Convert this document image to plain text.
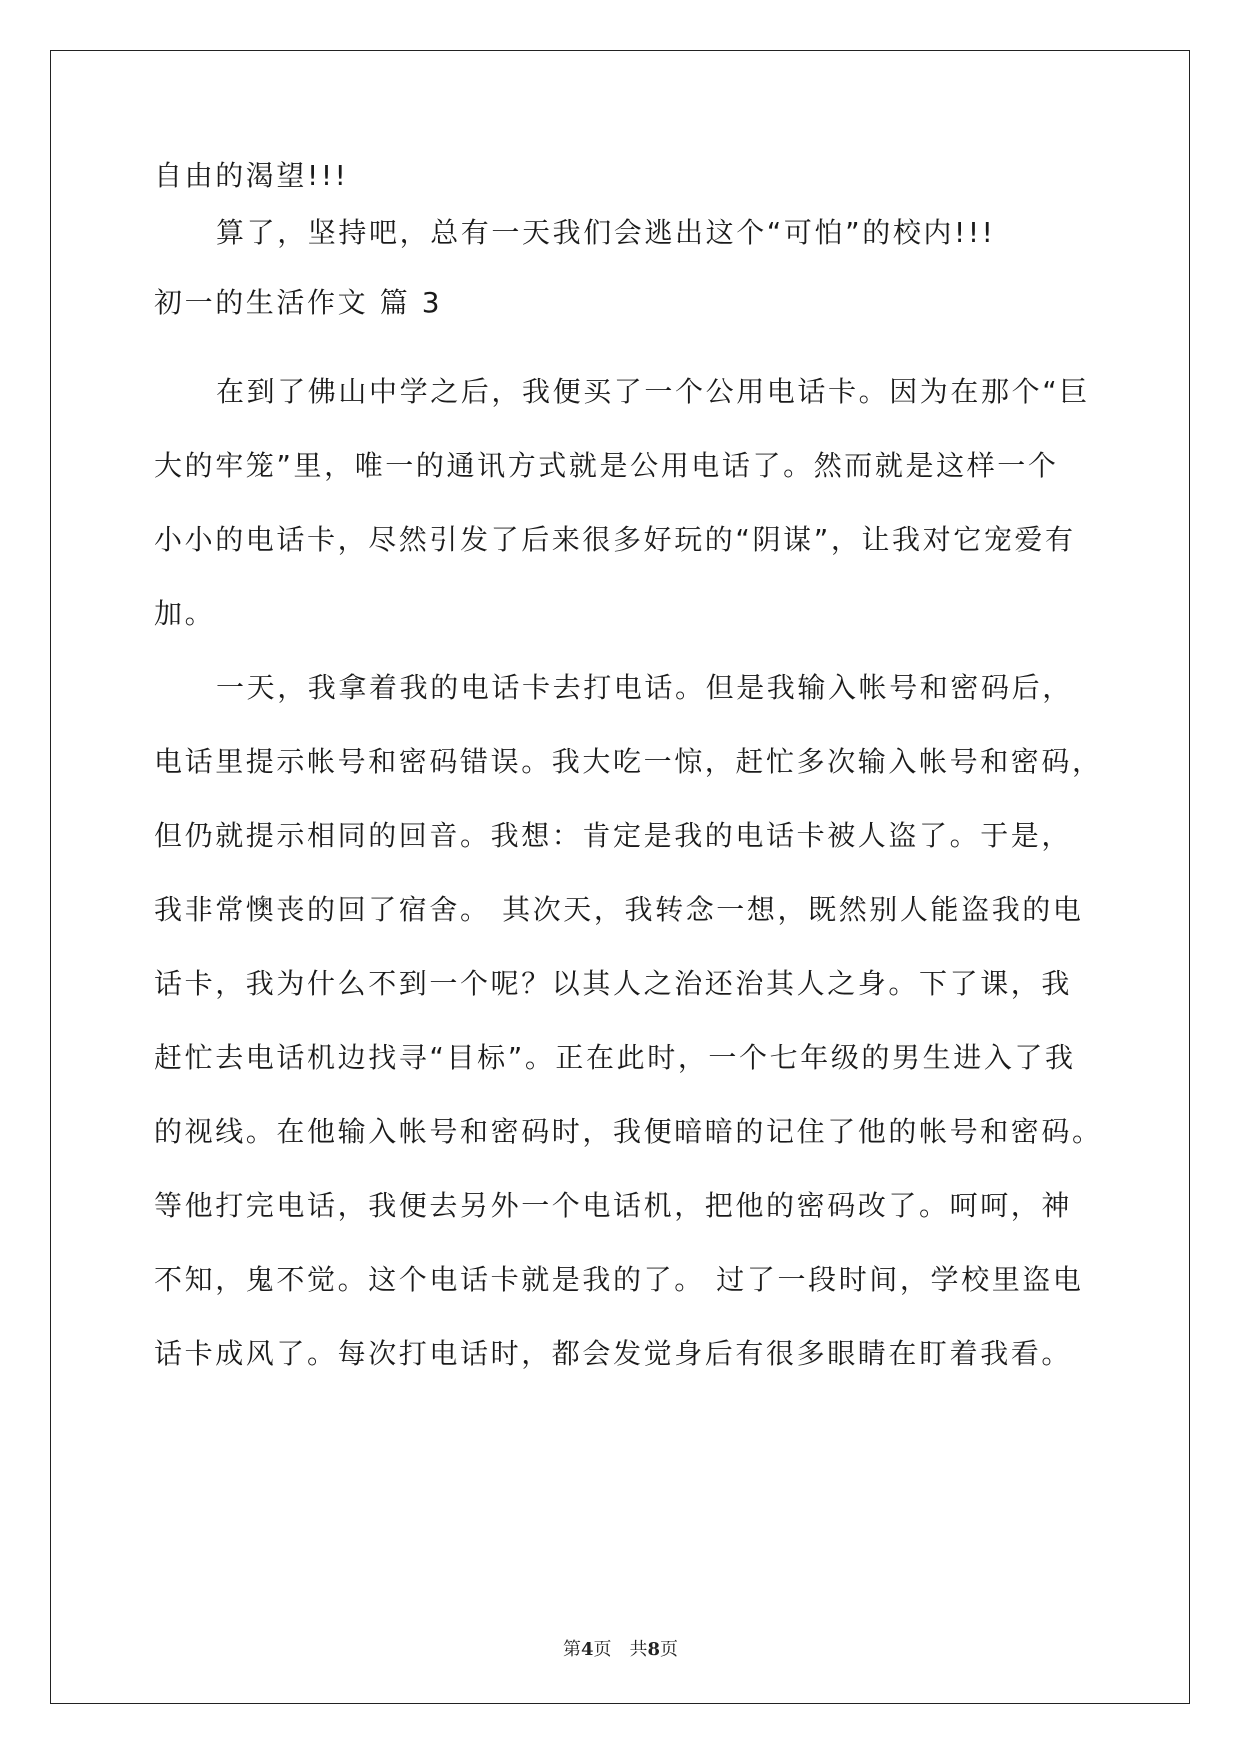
自由的渴望!!!
算了，坚持吧，总有一天我们会逃出这个“可怕”的校内!!!
初一的生活作文 篇 3
在到了佛山中学之后，我便买了一个公用电话卡。因为在那个“巨
大的牢笼”里，唯一的通讯方式就是公用电话了。然而就是这样一个
小小的电话卡，尽然引发了后来很多好玩的“阴谋”，让我对它宠爱有
加。
一天，我拿着我的电话卡去打电话。但是我输入帐号和密码后，
电话里提示帐号和密码错误。我大吃一惊，赶忙多次输入帐号和密码，
但仍就提示相同的回音。我想：肯定是我的电话卡被人盗了。于是，
我非常懊丧的回了宿舍。 其次天，我转念一想，既然别人能盗我的电
话卡，我为什么不到一个呢？以其人之治还治其人之身。下了课，我
赶忙去电话机边找寻“目标”。正在此时，一个七年级的男生进入了我
的视线。在他输入帐号和密码时，我便暗暗的记住了他的帐号和密码。
等他打完电话，我便去另外一个电话机，把他的密码改了。呵呵，神
不知，鬼不觉。这个电话卡就是我的了。 过了一段时间，学校里盗电
话卡成风了。每次打电话时，都会发觉身后有很多眼睛在盯着我看。
第4页　共8页
